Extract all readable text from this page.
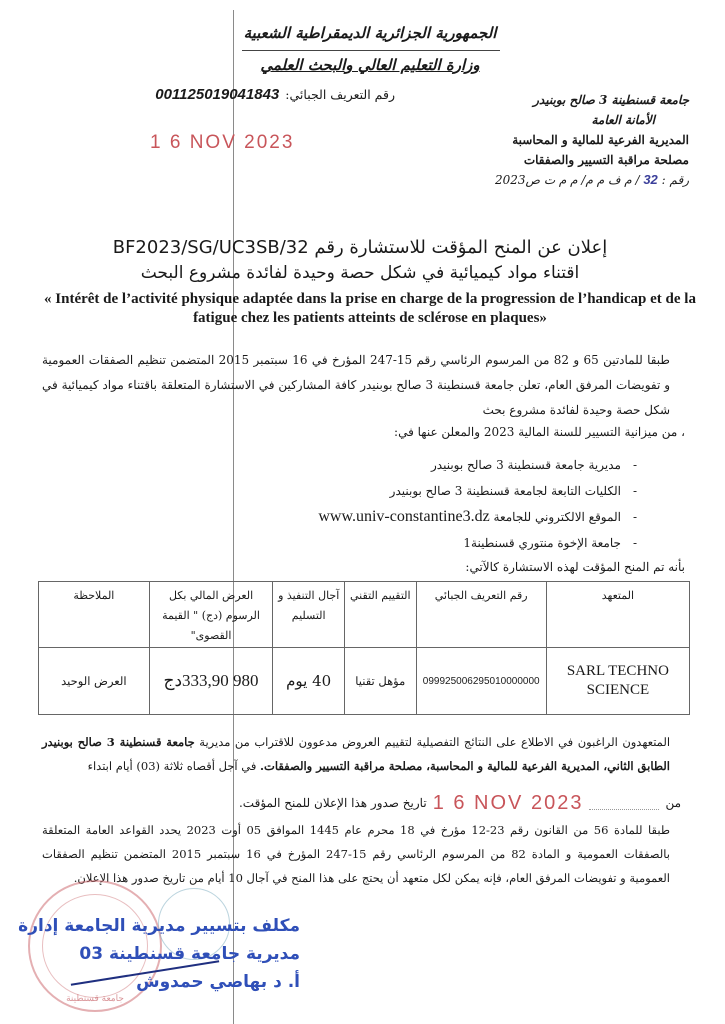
الجمهورية الجزائرية الديمقراطية الشعبية
وزارة التعليم العالي والبحث العلمي
001125019041843 رقم التعريف الجبائي:	جامعة قسنطينة 3 صالح بوبنيدر
الأمانة العامة
المديرية الفرعية للمالية و المحاسبة
مصلحة مراقبة التسيير والصفقات
رقم : 32 / م ف م م/ م م ت ص2023
1 6 NOV 2023
إعلان عن المنح المؤقت للاستشارة رقم BF2023/SG/UC3SB/32
اقتناء مواد كيميائية في شكل حصة وحيدة لفائدة مشروع البحث
« Intérêt de l’activité physique adaptée dans la prise en charge de la progression de l’handicap et de la fatigue chez les patients atteints de sclérose en plaques»
طبقا للمادتين 65 و 82 من المرسوم الرئاسي رقم 15-247 المؤرخ في 16 سبتمبر 2015 المتضمن تنظيم الصفقات العمومية و تفويضات المرفق العام، تعلن جامعة قسنطينة 3 صالح بوبنيدر كافة المشاركين في الاستشارة المتعلقة باقتناء مواد كيميائية في شكل حصة وحيدة لفائدة مشروع بحث
، من ميزانية التسيير للسنة المالية 2023 والمعلن عنها في:
-مديرية جامعة قسنطينة 3 صالح بوبنيدر
-الكليات التابعة لجامعة قسنطينة 3 صالح بوبنيدر
-الموقع الالكتروني للجامعة www.univ-constantine3.dz
-جامعة الإخوة منتوري قسنطينة1
بأنه تم المنح المؤقت لهذه الاستشارة كالآتي:
المتعهد	رقم التعريف الجبائي	التقييم التقني	آجال التنفيذ و التسليم	العرض المالي بكل الرسوم (دج) " القيمة القصوى"	الملاحظة
SARL TECHNO SCIENCE	099925006295010000000	مؤهل تقنيا	40 يوم	980 333,90دج	العرض الوحيد
المتعهدون الراغبون في الاطلاع على النتائج التفصيلية لتقييم العروض مدعوون للاقتراب من مديرية جامعة قسنطينة 3 صالح بوبنيدر الطابق الثاني، المديرية الفرعية للمالية و المحاسبة، مصلحة مراقبة التسيير والصفقات. في آجل أقصاه ثلاثة (03) أيام ابتداء
من
1 6 NOV 2023
تاريخ صدور هذا الإعلان للمنح المؤقت.
طبقا للمادة 56 من القانون رقم 23-12 مؤرخ في 18 محرم عام 1445 الموافق 05 أوت 2023 يحدد القواعد العامة المتعلقة بالصفقات العمومية و المادة 82 من المرسوم الرئاسي رقم 15-247 المؤرخ في 16 سبتمبر 2015 المتضمن تنظيم الصفقات العمومية و تفويضات المرفق العام، فإنه يمكن لكل متعهد أن يحتج على هذا المنح في آجال 10 أيام من تاريخ صدور هذا الإعلان.
جامعة قسنطينة
مكلف بتسيير مديرية الجامعة إدارة
مديرية جامعة قسنطينة 03
أ. د بهاصي حمدوش
